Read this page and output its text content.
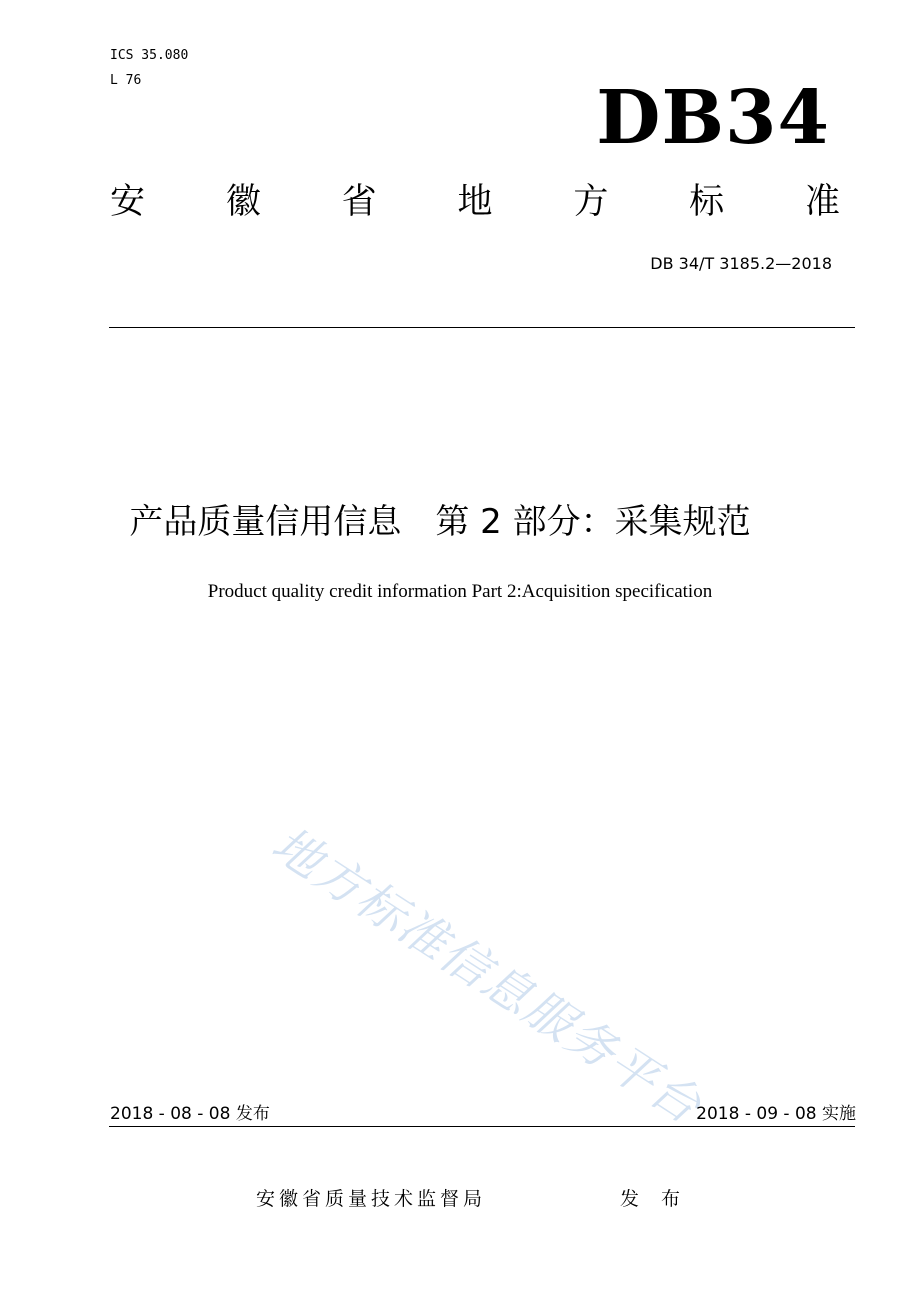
ICS 35.080
L 76	DB34
安 徽 省 地 方 标 准
DB 34/T 3185.2—2018
产品质量信用信息　第 2 部分：采集规范
Product quality credit information Part 2:Acquisition specification
地方标准信息服务平台
2018 - 08 - 08 发布	2018 - 09 - 08 实施
安徽省质量技术监督局	发 布
